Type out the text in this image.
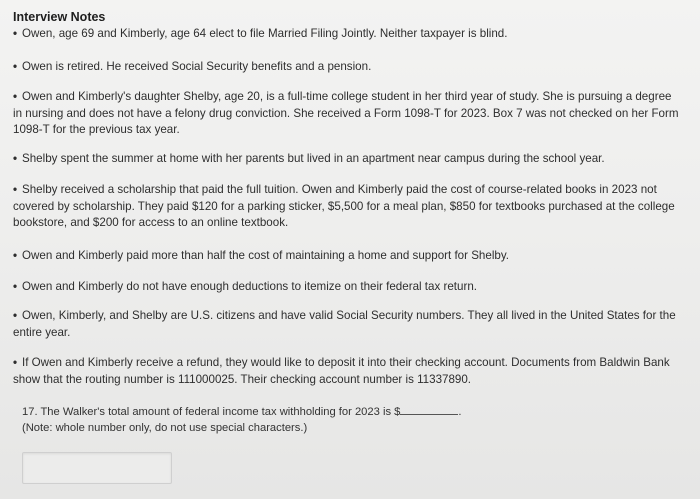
Interview Notes
• Owen, age 69 and Kimberly, age 64 elect to file Married Filing Jointly. Neither taxpayer is blind.
• Owen is retired. He received Social Security benefits and a pension.
• Owen and Kimberly's daughter Shelby, age 20, is a full-time college student in her third year of study. She is pursuing a degree in nursing and does not have a felony drug conviction. She received a Form 1098-T for 2023. Box 7 was not checked on her Form 1098-T for the previous tax year.
• Shelby spent the summer at home with her parents but lived in an apartment near campus during the school year.
• Shelby received a scholarship that paid the full tuition. Owen and Kimberly paid the cost of course-related books in 2023 not covered by scholarship. They paid $120 for a parking sticker, $5,500 for a meal plan, $850 for textbooks purchased at the college bookstore, and $200 for access to an online textbook.
• Owen and Kimberly paid more than half the cost of maintaining a home and support for Shelby.
• Owen and Kimberly do not have enough deductions to itemize on their federal tax return.
• Owen, Kimberly, and Shelby are U.S. citizens and have valid Social Security numbers. They all lived in the United States for the entire year.
• If Owen and Kimberly receive a refund, they would like to deposit it into their checking account. Documents from Baldwin Bank show that the routing number is 111000025. Their checking account number is 11337890.
17. The Walker's total amount of federal income tax withholding for 2023 is $	.
(Note: whole number only, do not use special characters.)
